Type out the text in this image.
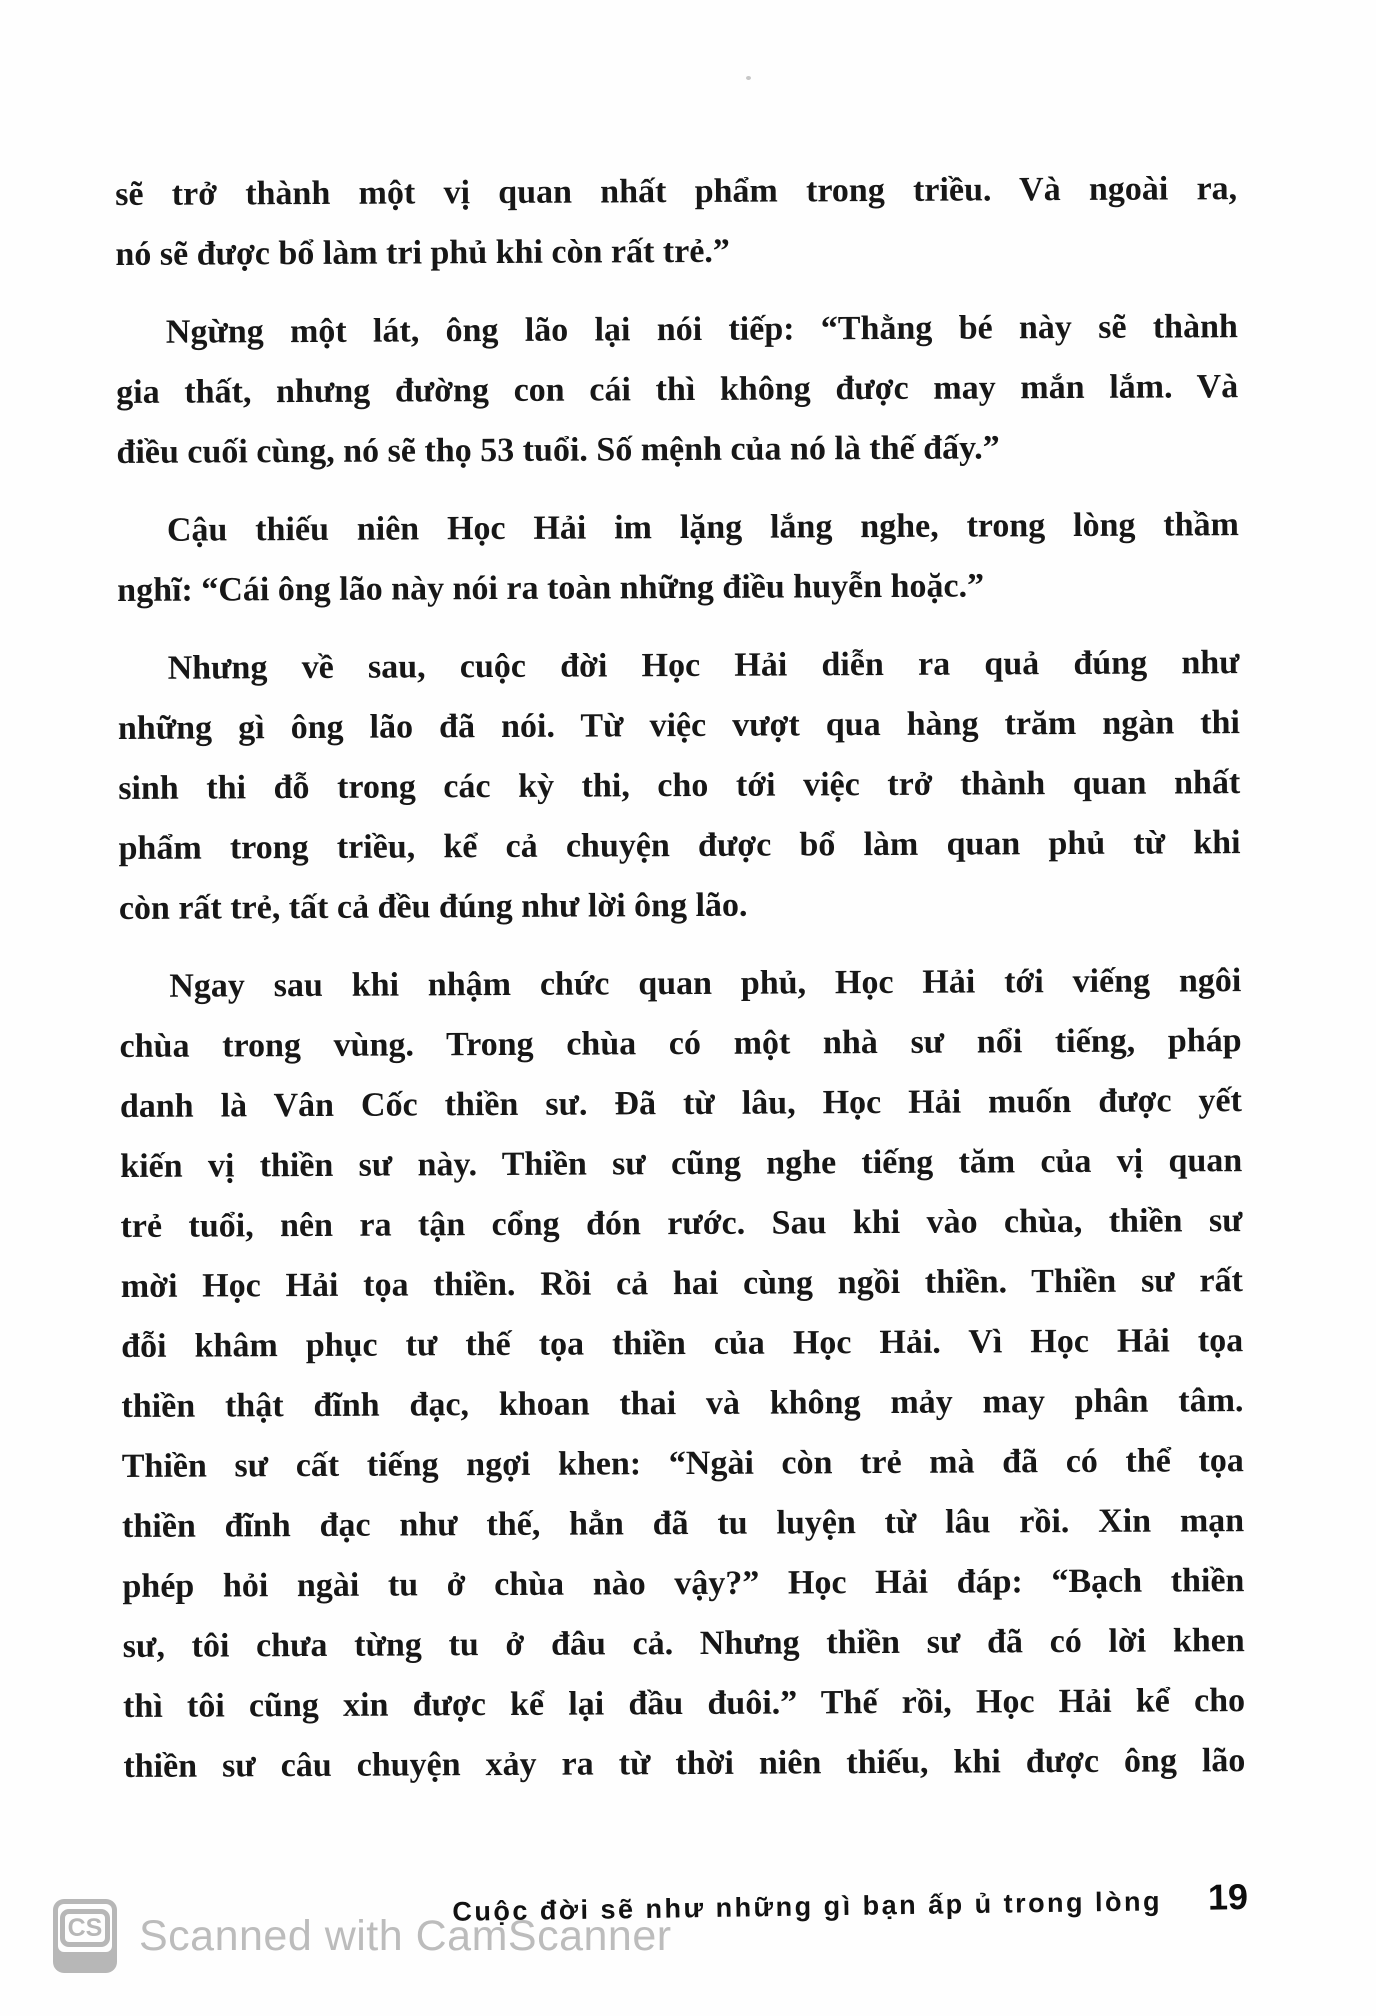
sẽ trở thành một vị quan nhất phẩm trong triều. Và ngoài ra,
nó sẽ được bổ làm tri phủ khi còn rất trẻ.”
Ngừng một lát, ông lão lại nói tiếp: “Thằng bé này sẽ thành
gia thất, nhưng đường con cái thì không được may mắn lắm. Và
điều cuối cùng, nó sẽ thọ 53 tuổi. Số mệnh của nó là thế đấy.”
Cậu thiếu niên Học Hải im lặng lắng nghe, trong lòng thầm
nghĩ: “Cái ông lão này nói ra toàn những điều huyễn hoặc.”
Nhưng về sau, cuộc đời Học Hải diễn ra quả đúng như
những gì ông lão đã nói. Từ việc vượt qua hàng trăm ngàn thi
sinh thi đỗ trong các kỳ thi, cho tới việc trở thành quan nhất
phẩm trong triều, kể cả chuyện được bổ làm quan phủ từ khi
còn rất trẻ, tất cả đều đúng như lời ông lão.
Ngay sau khi nhậm chức quan phủ, Học Hải tới viếng ngôi
chùa trong vùng. Trong chùa có một nhà sư nổi tiếng, pháp
danh là Vân Cốc thiền sư. Đã từ lâu, Học Hải muốn được yết
kiến vị thiền sư này. Thiền sư cũng nghe tiếng tăm của vị quan
trẻ tuổi, nên ra tận cổng đón rước. Sau khi vào chùa, thiền sư
mời Học Hải tọa thiền. Rồi cả hai cùng ngồi thiền. Thiền sư rất
đỗi khâm phục tư thế tọa thiền của Học Hải. Vì Học Hải tọa
thiền thật đĩnh đạc, khoan thai và không mảy may phân tâm.
Thiền sư cất tiếng ngợi khen: “Ngài còn trẻ mà đã có thể tọa
thiền đĩnh đạc như thế, hẳn đã tu luyện từ lâu rồi. Xin mạn
phép hỏi ngài tu ở chùa nào vậy?” Học Hải đáp: “Bạch thiền
sư, tôi chưa từng tu ở đâu cả. Nhưng thiền sư đã có lời khen
thì tôi cũng xin được kể lại đầu đuôi.” Thế rồi, Học Hải kể cho
thiền sư câu chuyện xảy ra từ thời niên thiếu, khi được ông lão
Cuộc đời sẽ như những gì bạn ấp ủ trong lòng 19
CS Scanned with CamScanner
